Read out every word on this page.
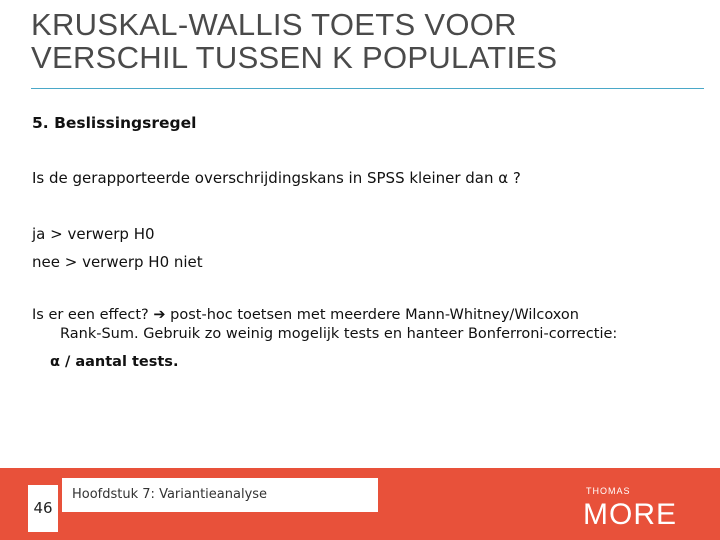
KRUSKAL-WALLIS TOETS VOOR
VERSCHIL TUSSEN K POPULATIES
5. Beslissingsregel
Is de gerapporteerde overschrijdingskans in SPSS kleiner dan α ?
ja > verwerp H0
nee > verwerp H0 niet
Is er een effect? ➔ post-hoc toetsen met meerdere Mann-Whitney/Wilcoxon
Rank-Sum. Gebruik zo weinig mogelijk tests en hanteer Bonferroni-correctie:
α / aantal tests.
Hoofdstuk 7: Variantieanalyse
46
THOMAS
MORE
